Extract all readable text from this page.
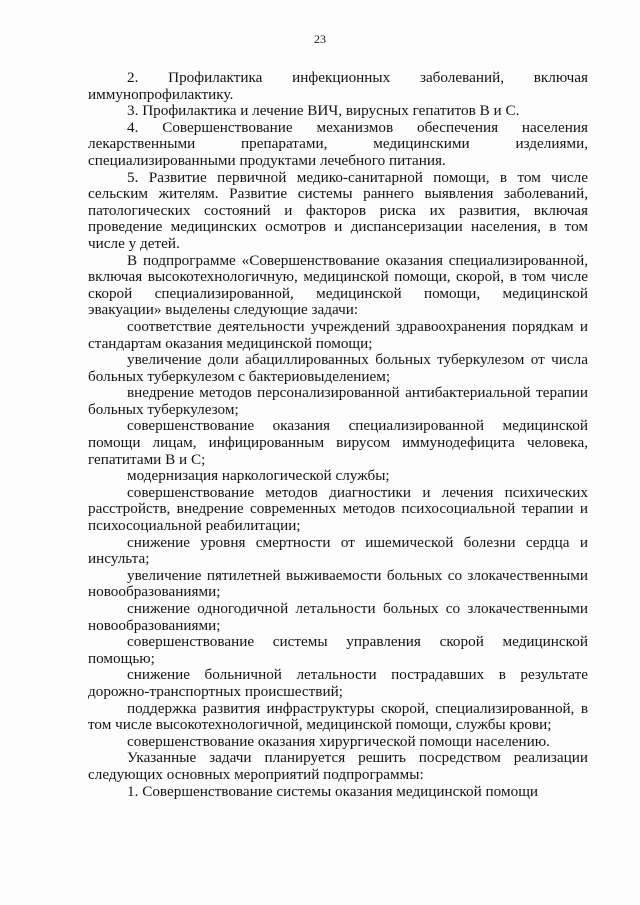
23

2. Профилактика инфекционных заболеваний, включая иммунопрофилактику.

3. Профилактика и лечение ВИЧ, вирусных гепатитов В и С.

4. Совершенствование механизмов обеспечения населения лекарственными препаратами, медицинскими изделиями, специализированными продуктами лечебного питания.

5. Развитие первичной медико-санитарной помощи, в том числе сельским жителям. Развитие системы раннего выявления заболеваний, патологических состояний и факторов риска их развития, включая проведение медицинских осмотров и диспансеризации населения, в том числе у детей.

В подпрограмме «Совершенствование оказания специализированной, включая высокотехнологичную, медицинской помощи, скорой, в том числе скорой специализированной, медицинской помощи, медицинской эвакуации» выделены следующие задачи:

соответствие деятельности учреждений здравоохранения порядкам и стандартам оказания медицинской помощи;

увеличение доли абациллированных больных туберкулезом от числа больных туберкулезом с бактериовыделением;

внедрение методов персонализированной антибактериальной терапии больных туберкулезом;

совершенствование оказания специализированной медицинской помощи лицам, инфицированным вирусом иммунодефицита человека, гепатитами В и С;

модернизация наркологической службы;

совершенствование методов диагностики и лечения психических расстройств, внедрение современных методов психосоциальной терапии и психосоциальной реабилитации;

снижение уровня смертности от ишемической болезни сердца и инсульта;

увеличение пятилетней выживаемости больных со злокачественными новообразованиями;

снижение одногодичной летальности больных со злокачественными новообразованиями;

совершенствование системы управления скорой медицинской помощью;

снижение больничной летальности пострадавших в результате дорожно-транспортных происшествий;

поддержка развития инфраструктуры скорой, специализированной, в том числе высокотехнологичной, медицинской помощи, службы крови;

совершенствование оказания хирургической помощи населению.

Указанные задачи планируется решить посредством реализации следующих основных мероприятий подпрограммы:

1. Совершенствование системы оказания медицинской помощи
